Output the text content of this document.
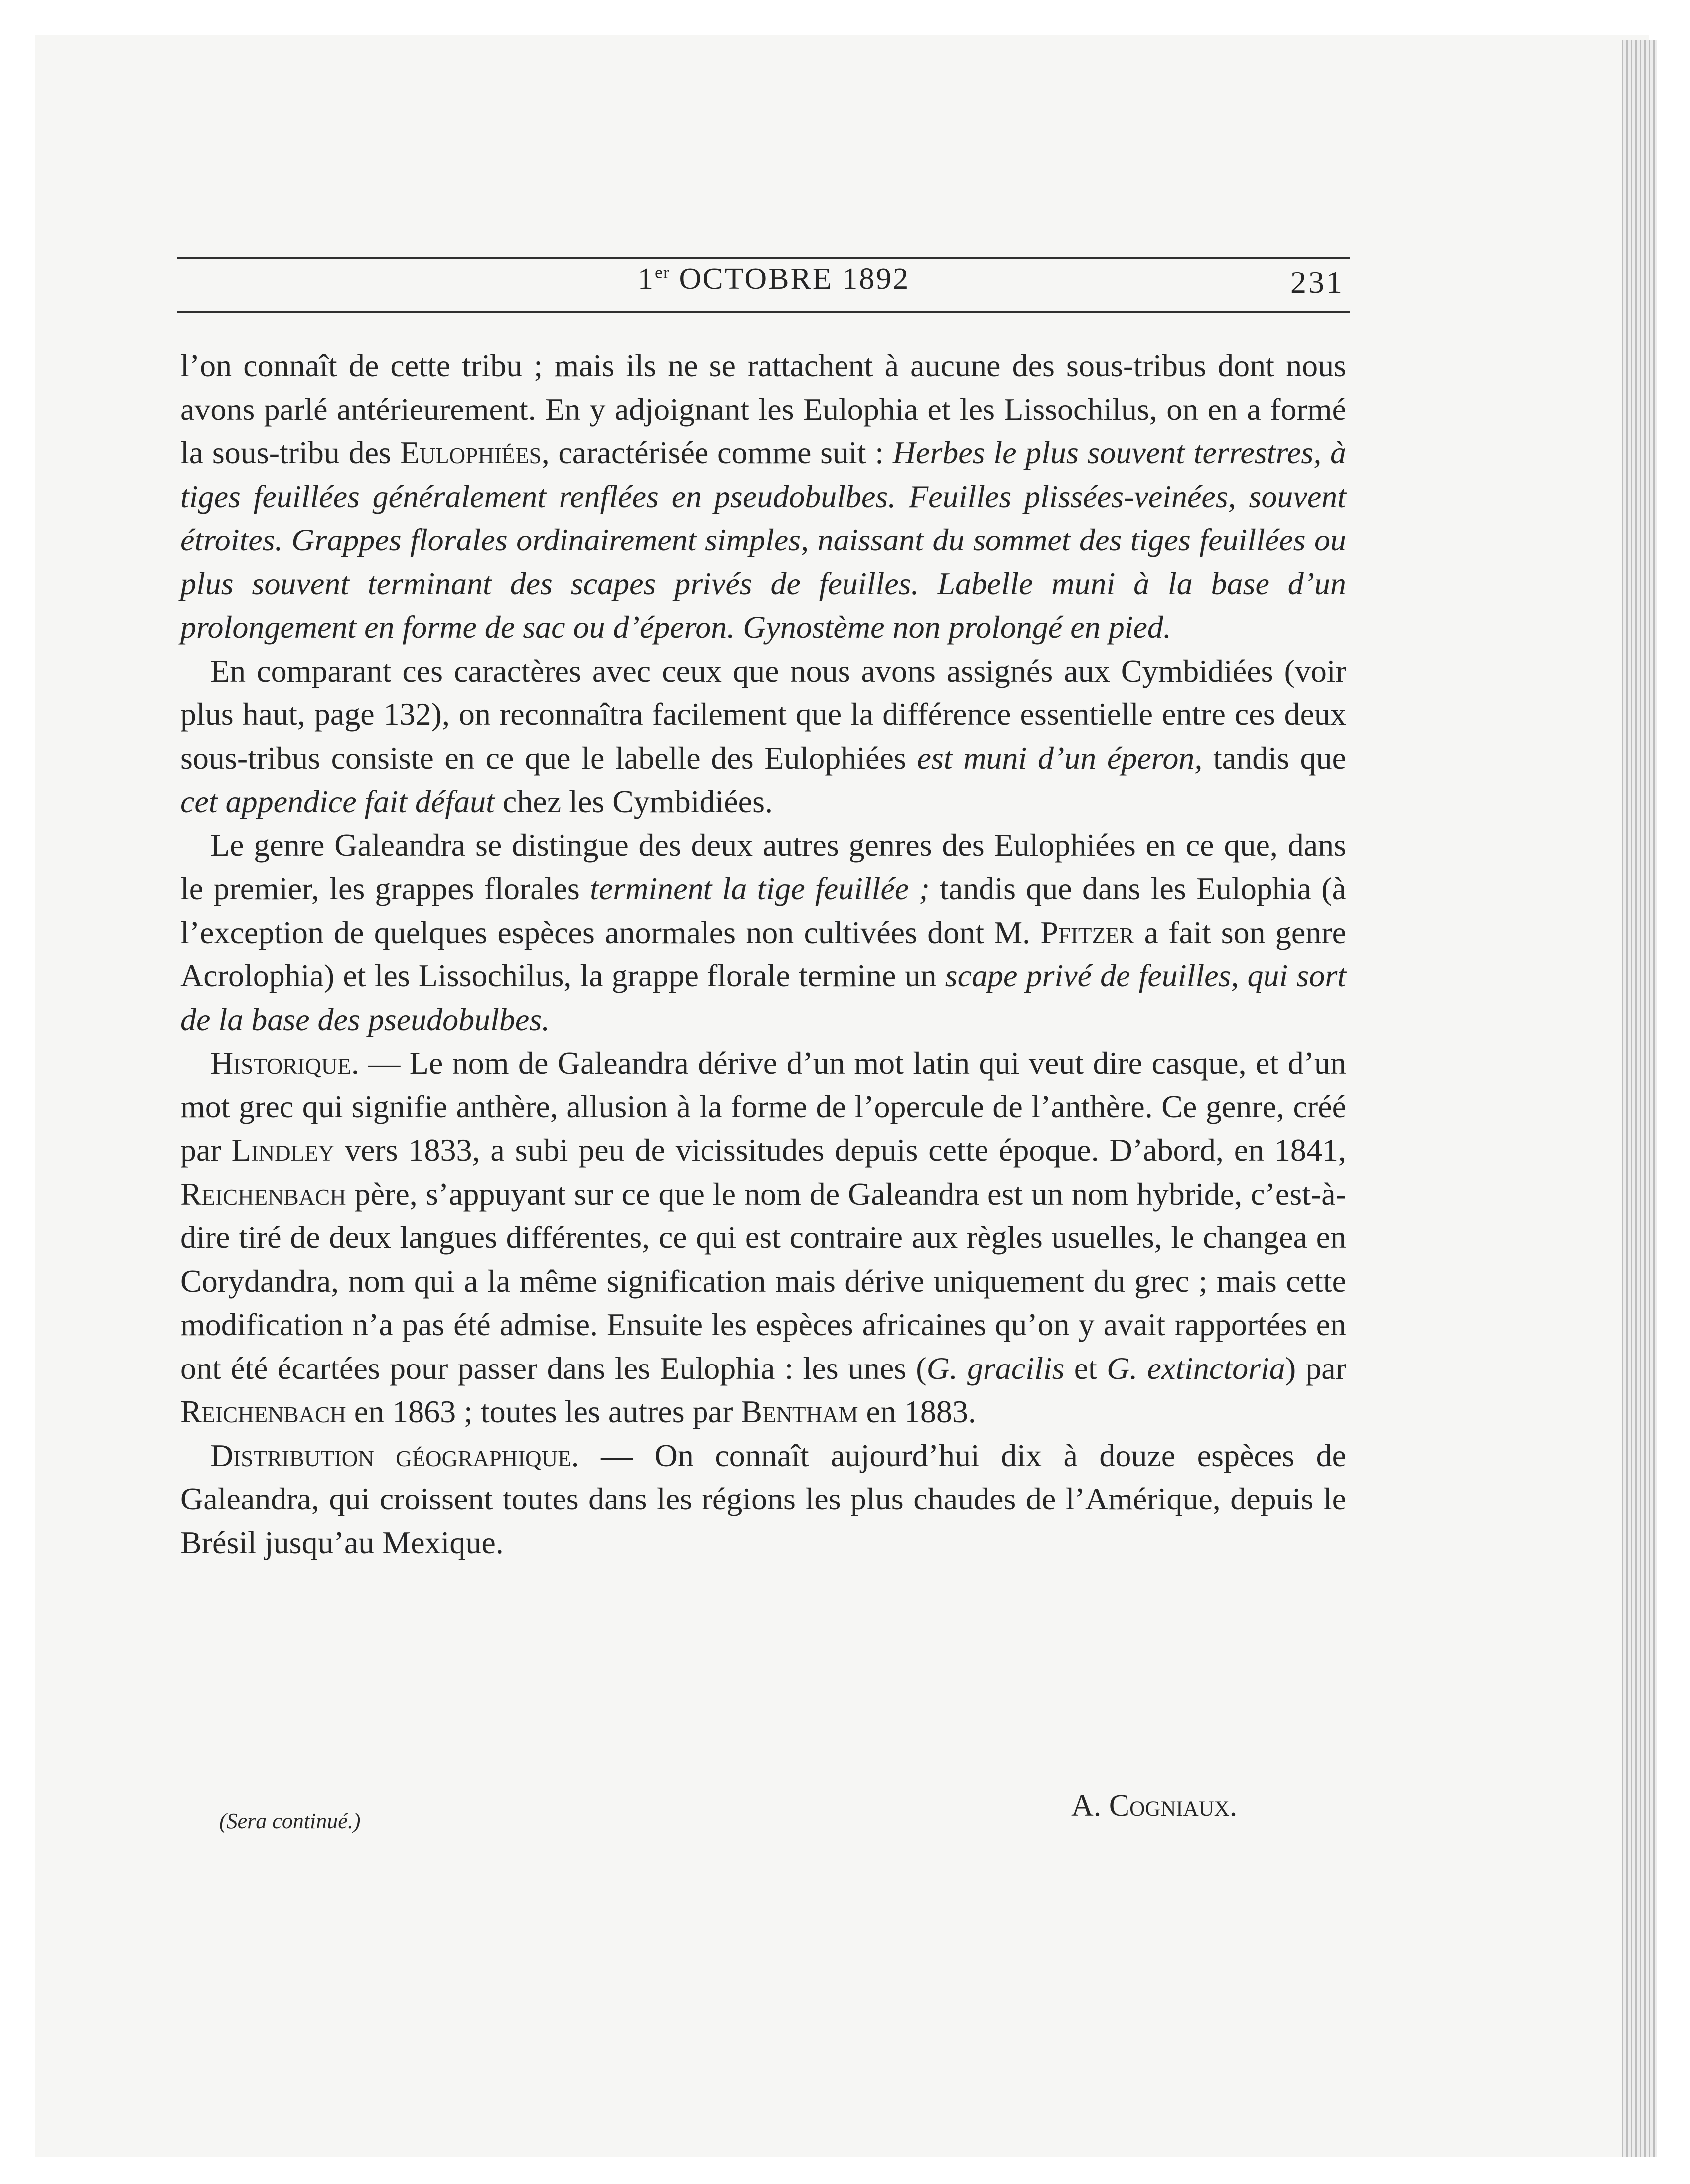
1er OCTOBRE 1892	231

l’on connaît de cette tribu ; mais ils ne se rattachent à aucune des sous-tribus dont nous avons parlé antérieurement. En y adjoignant les Eulophia et les Lissochilus, on en a formé la sous-tribu des Eulophiées, caractérisée comme suit : Herbes le plus souvent terrestres, à tiges feuillées généralement renflées en pseudobulbes. Feuilles plissées-veinées, souvent étroites. Grappes florales ordinairement simples, naissant du sommet des tiges feuillées ou plus souvent terminant des scapes privés de feuilles. Labelle muni à la base d’un prolongement en forme de sac ou d’éperon. Gynostème non prolongé en pied.

En comparant ces caractères avec ceux que nous avons assignés aux Cymbidiées (voir plus haut, page 132), on reconnaîtra facilement que la différence essentielle entre ces deux sous-tribus consiste en ce que le labelle des Eulophiées est muni d’un éperon, tandis que cet appendice fait défaut chez les Cymbidiées.

Le genre Galeandra se distingue des deux autres genres des Eulophiées en ce que, dans le premier, les grappes florales terminent la tige feuillée ; tandis que dans les Eulophia (à l’exception de quelques espèces anormales non cultivées dont M. Pfitzer a fait son genre Acrolophia) et les Lissochilus, la grappe florale termine un scape privé de feuilles, qui sort de la base des pseudobulbes.

Historique. — Le nom de Galeandra dérive d’un mot latin qui veut dire casque, et d’un mot grec qui signifie anthère, allusion à la forme de l’opercule de l’anthère. Ce genre, créé par Lindley vers 1833, a subi peu de vicissitudes depuis cette époque. D’abord, en 1841, Reichenbach père, s’appuyant sur ce que le nom de Galeandra est un nom hybride, c’est-à-dire tiré de deux langues différentes, ce qui est contraire aux règles usuelles, le changea en Corydandra, nom qui a la même signification mais dérive uniquement du grec ; mais cette modification n’a pas été admise. Ensuite les espèces africaines qu’on y avait rapportées en ont été écartées pour passer dans les Eulophia : les unes (G. gracilis et G. extinctoria) par Reichenbach en 1863 ; toutes les autres par Bentham en 1883.

Distribution géographique. — On connaît aujourd’hui dix à douze espèces de Galeandra, qui croissent toutes dans les régions les plus chaudes de l’Amérique, depuis le Brésil jusqu’au Mexique.

A. Cogniaux.
(Sera continué.)
